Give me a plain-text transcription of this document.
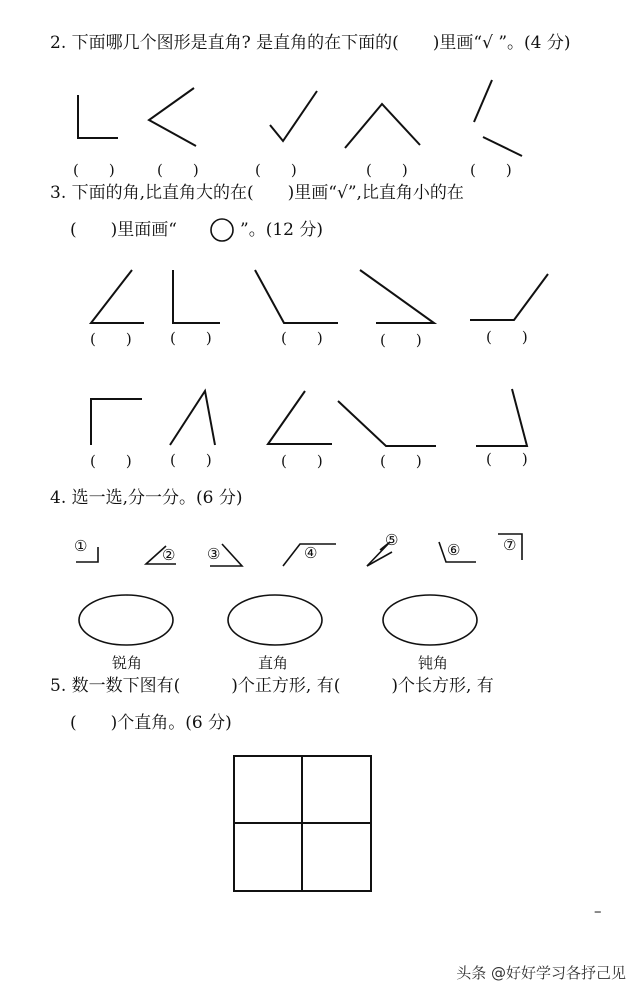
2. 下面哪几个图形是直角? 是直角的在下面的(　　)里画“√ ”。(4 分)
(　　)	(　　)	(　　)	(　　)	(　　)
3. 下面的角,比直角大的在(　　)里画“√”,比直角小的在
(　　)里面画“	”。(12 分)
(　　)	(　　)	(　　)	(　　)	(　　)
(　　)	(　　)	(　　)	(　　)	(　　)
4. 选一选,分一分。(6 分)
①	② ③	④
⑤
⑥	⑦
锐角	直角	钝角
5. 数一数下图有(　　　)个正方形, 有(　　　)个长方形, 有
(　　)个直角。(6 分)
–
头条 @好好学习各抒己见
